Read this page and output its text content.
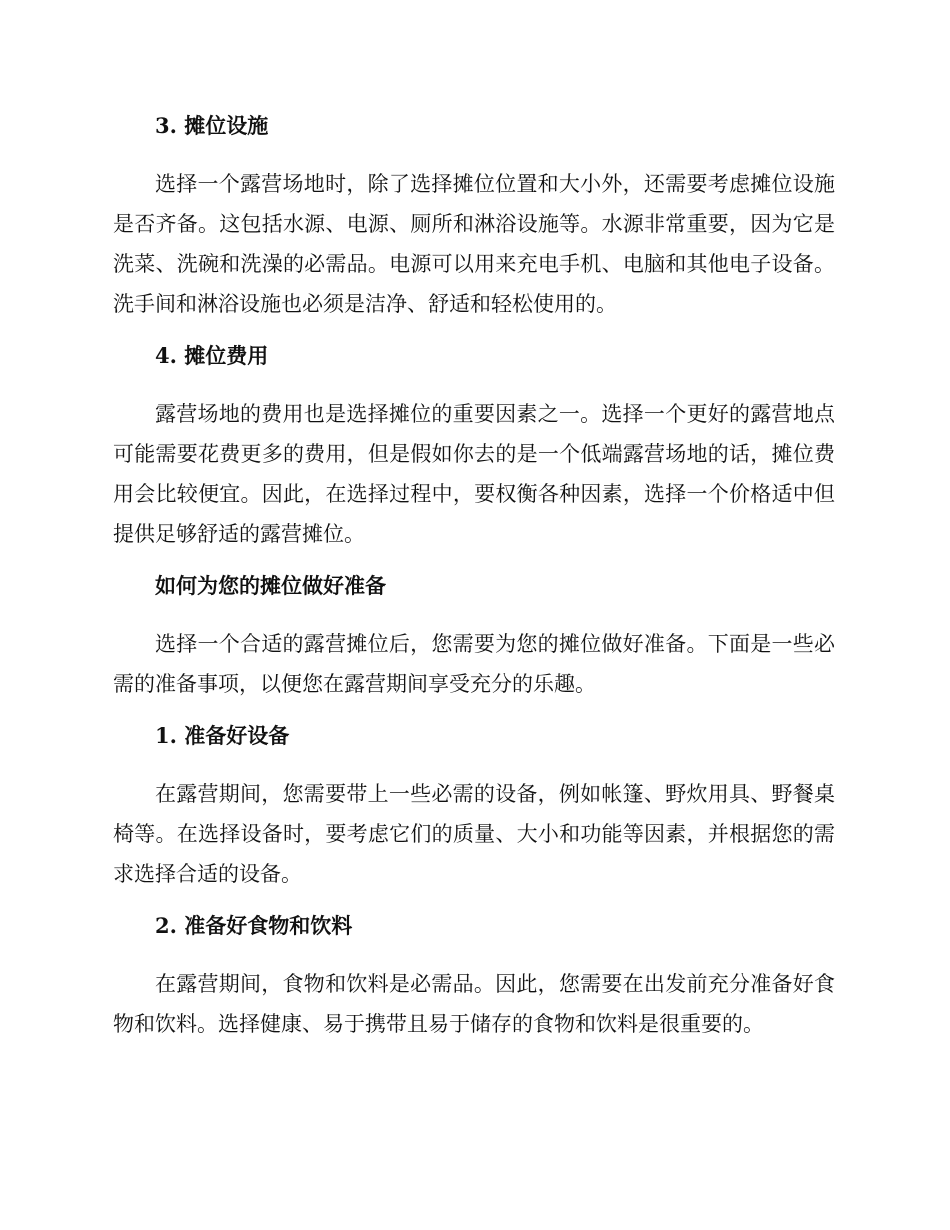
3. 摊位设施

选择一个露营场地时，除了选择摊位位置和大小外，还需要考虑摊位设施是否齐备。这包括水源、电源、厕所和淋浴设施等。水源非常重要，因为它是洗菜、洗碗和洗澡的必需品。电源可以用来充电手机、电脑和其他电子设备。洗手间和淋浴设施也必须是洁净、舒适和轻松使用的。

4. 摊位费用

露营场地的费用也是选择摊位的重要因素之一。选择一个更好的露营地点可能需要花费更多的费用，但是假如你去的是一个低端露营场地的话，摊位费用会比较便宜。因此，在选择过程中，要权衡各种因素，选择一个价格适中但提供足够舒适的露营摊位。

如何为您的摊位做好准备

选择一个合适的露营摊位后，您需要为您的摊位做好准备。下面是一些必需的准备事项，以便您在露营期间享受充分的乐趣。

1. 准备好设备

在露营期间，您需要带上一些必需的设备，例如帐篷、野炊用具、野餐桌椅等。在选择设备时，要考虑它们的质量、大小和功能等因素，并根据您的需求选择合适的设备。

2. 准备好食物和饮料

在露营期间，食物和饮料是必需品。因此，您需要在出发前充分准备好食物和饮料。选择健康、易于携带且易于储存的食物和饮料是很重要的。
